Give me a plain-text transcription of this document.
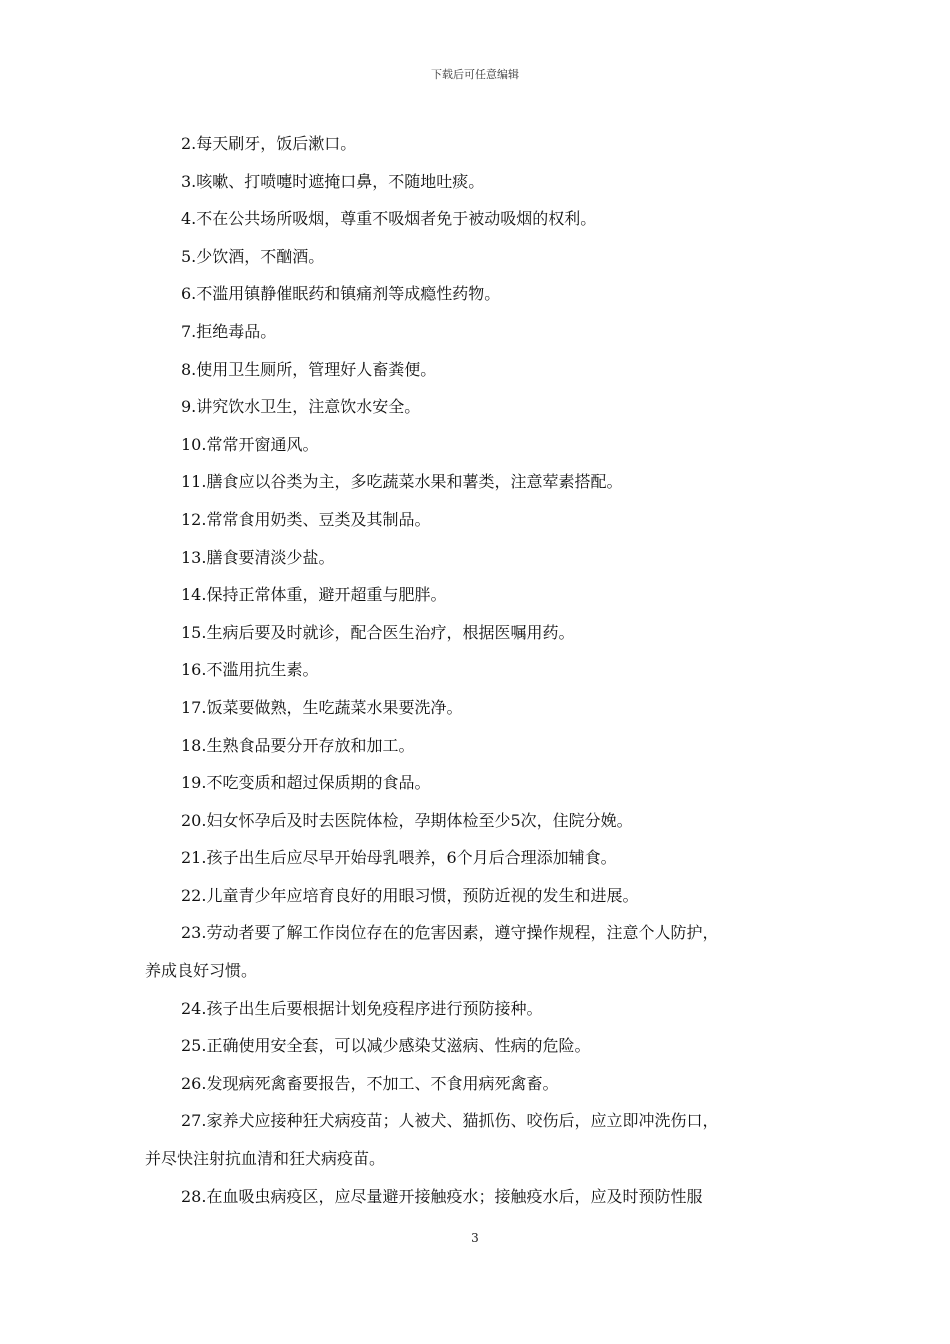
下载后可任意编辑

2.每天刷牙，饭后漱口。

3.咳嗽、打喷嚏时遮掩口鼻，不随地吐痰。

4.不在公共场所吸烟，尊重不吸烟者免于被动吸烟的权利。

5.少饮酒，不酗酒。

6.不滥用镇静催眠药和镇痛剂等成瘾性药物。

7.拒绝毒品。

8.使用卫生厕所，管理好人畜粪便。

9.讲究饮水卫生，注意饮水安全。

10.常常开窗通风。

11.膳食应以谷类为主，多吃蔬菜水果和薯类，注意荤素搭配。

12.常常食用奶类、豆类及其制品。

13.膳食要清淡少盐。

14.保持正常体重，避开超重与肥胖。

15.生病后要及时就诊，配合医生治疗，根据医嘱用药。

16.不滥用抗生素。

17.饭菜要做熟，生吃蔬菜水果要洗净。

18.生熟食品要分开存放和加工。

19.不吃变质和超过保质期的食品。

20.妇女怀孕后及时去医院体检，孕期体检至少5次，住院分娩。

21.孩子出生后应尽早开始母乳喂养，6个月后合理添加辅食。

22.儿童青少年应培育良好的用眼习惯，预防近视的发生和进展。

23.劳动者要了解工作岗位存在的危害因素，遵守操作规程，注意个人防护，
养成良好习惯。

24.孩子出生后要根据计划免疫程序进行预防接种。

25.正确使用安全套，可以减少感染艾滋病、性病的危险。

26.发现病死禽畜要报告，不加工、不食用病死禽畜。

27.家养犬应接种狂犬病疫苗；人被犬、猫抓伤、咬伤后，应立即冲洗伤口，
并尽快注射抗血清和狂犬病疫苗。

28.在血吸虫病疫区，应尽量避开接触疫水；接触疫水后，应及时预防性服

3
